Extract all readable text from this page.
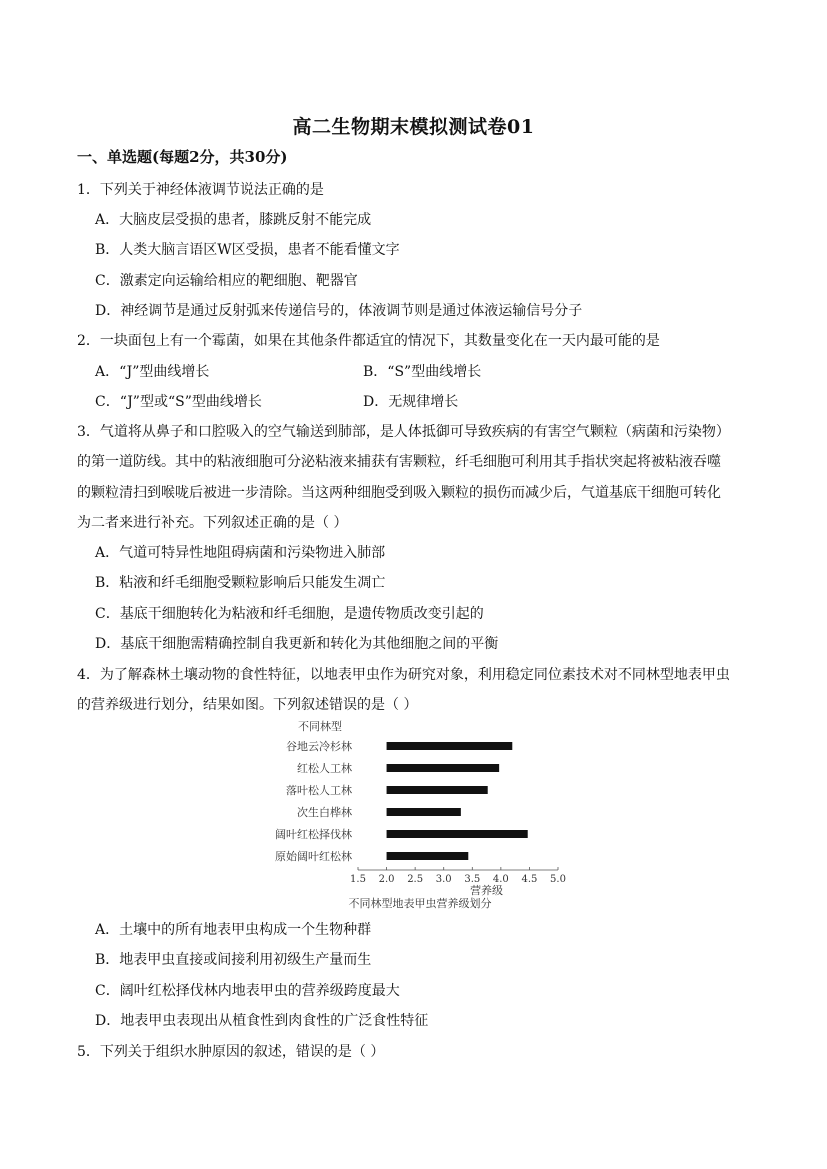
高二生物期末模拟测试卷01
一、单选题(每题2分，共30分)
1．下列关于神经体液调节说法正确的是
A．大脑皮层受损的患者，膝跳反射不能完成
B．人类大脑言语区W区受损，患者不能看懂文字
C．激素定向运输给相应的靶细胞、靶器官
D．神经调节是通过反射弧来传递信号的，体液调节则是通过体液运输信号分子
2．一块面包上有一个霉菌，如果在其他条件都适宜的情况下，其数量变化在一天内最可能的是
A．“J”型曲线增长	B．“S”型曲线增长
C．“J”型或“S”型曲线增长	D．无规律增长
3．气道将从鼻子和口腔吸入的空气输送到肺部，是人体抵御可导致疾病的有害空气颗粒（病菌和污染物）
的第一道防线。其中的粘液细胞可分泌粘液来捕获有害颗粒，纤毛细胞可利用其手指状突起将被粘液吞噬
的颗粒清扫到喉咙后被进一步清除。当这两种细胞受到吸入颗粒的损伤而减少后，气道基底干细胞可转化
为二者来进行补充。下列叙述正确的是（ ）
A．气道可特异性地阻碍病菌和污染物进入肺部
B．粘液和纤毛细胞受颗粒影响后只能发生凋亡
C．基底干细胞转化为粘液和纤毛细胞，是遗传物质改变引起的
D．基底干细胞需精确控制自我更新和转化为其他细胞之间的平衡
4．为了解森林土壤动物的食性特征，以地表甲虫作为研究对象，利用稳定同位素技术对不同林型地表甲虫
的营养级进行划分，结果如图。下列叙述错误的是（ ）
不同林型
谷地云冷杉林
红松人工林
落叶松人工林
次生白桦林
阔叶红松择伐林
原始阔叶红松林
1.5 2.0 2.5 3.0 3.5 4.0 4.5 5.0
营养级
不同林型地表甲虫营养级划分
A．土壤中的所有地表甲虫构成一个生物种群
B．地表甲虫直接或间接利用初级生产量而生
C．阔叶红松择伐林内地表甲虫的营养级跨度最大
D．地表甲虫表现出从植食性到肉食性的广泛食性特征
5．下列关于组织水肿原因的叙述，错误的是（ ）
